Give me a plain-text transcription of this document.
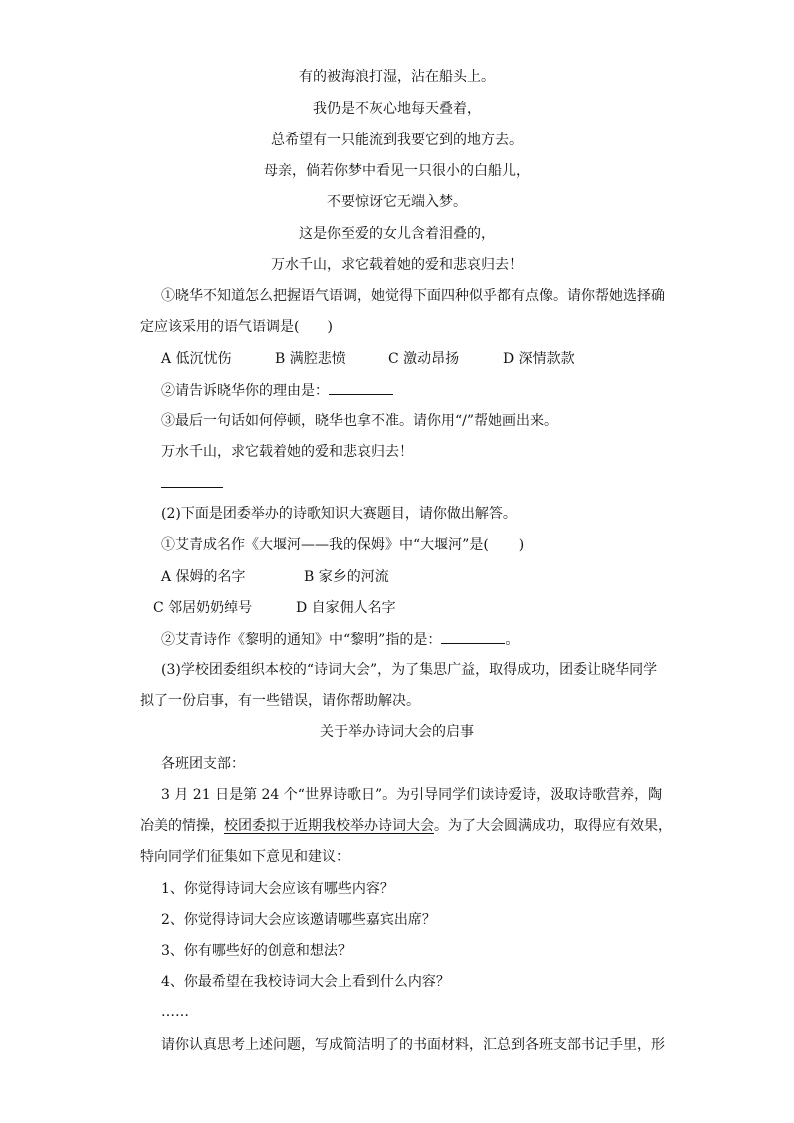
有的被海浪打湿，沾在船头上。
我仍是不灰心地每天叠着，
总希望有一只能流到我要它到的地方去。
母亲，倘若你梦中看见一只很小的白船儿，
不要惊讶它无端入梦。
这是你至爱的女儿含着泪叠的，
万水千山，求它载着她的爱和悲哀归去！
①晓华不知道怎么把握语气语调，她觉得下面四种似乎都有点像。请你帮她选择确
定应该采用的语气语调是( )
A 低沉忧伤	B 满腔悲愤	C 激动昂扬	D 深情款款
②请告诉晓华你的理由是：
③最后一句话如何停顿，晓华也拿不准。请你用“/”帮她画出来。
万水千山，求它载着她的爱和悲哀归去！
(2)下面是团委举办的诗歌知识大赛题目，请你做出解答。
①艾青成名作《大堰河——我的保姆》中“大堰河”是( )
A 保姆的名字	B 家乡的河流
C 邻居奶奶绰号	D 自家佣人名字
②艾青诗作《黎明的通知》中“黎明”指的是：	。
(3)学校团委组织本校的“诗词大会”，为了集思广益，取得成功，团委让晓华同学
拟了一份启事，有一些错误，请你帮助解决。
关于举办诗词大会的启事
各班团支部：
3 月 21 日是第 24 个“世界诗歌日”。为引导同学们读诗爱诗，汲取诗歌营养，陶
冶美的情操，校团委拟于近期我校举办诗词大会。为了大会圆满成功，取得应有效果，
特向同学们征集如下意见和建议：
1、你觉得诗词大会应该有哪些内容？
2、你觉得诗词大会应该邀请哪些嘉宾出席？
3、你有哪些好的创意和想法？
4、你最希望在我校诗词大会上看到什么内容？
……
请你认真思考上述问题，写成简洁明了的书面材料，汇总到各班支部书记手里，形
